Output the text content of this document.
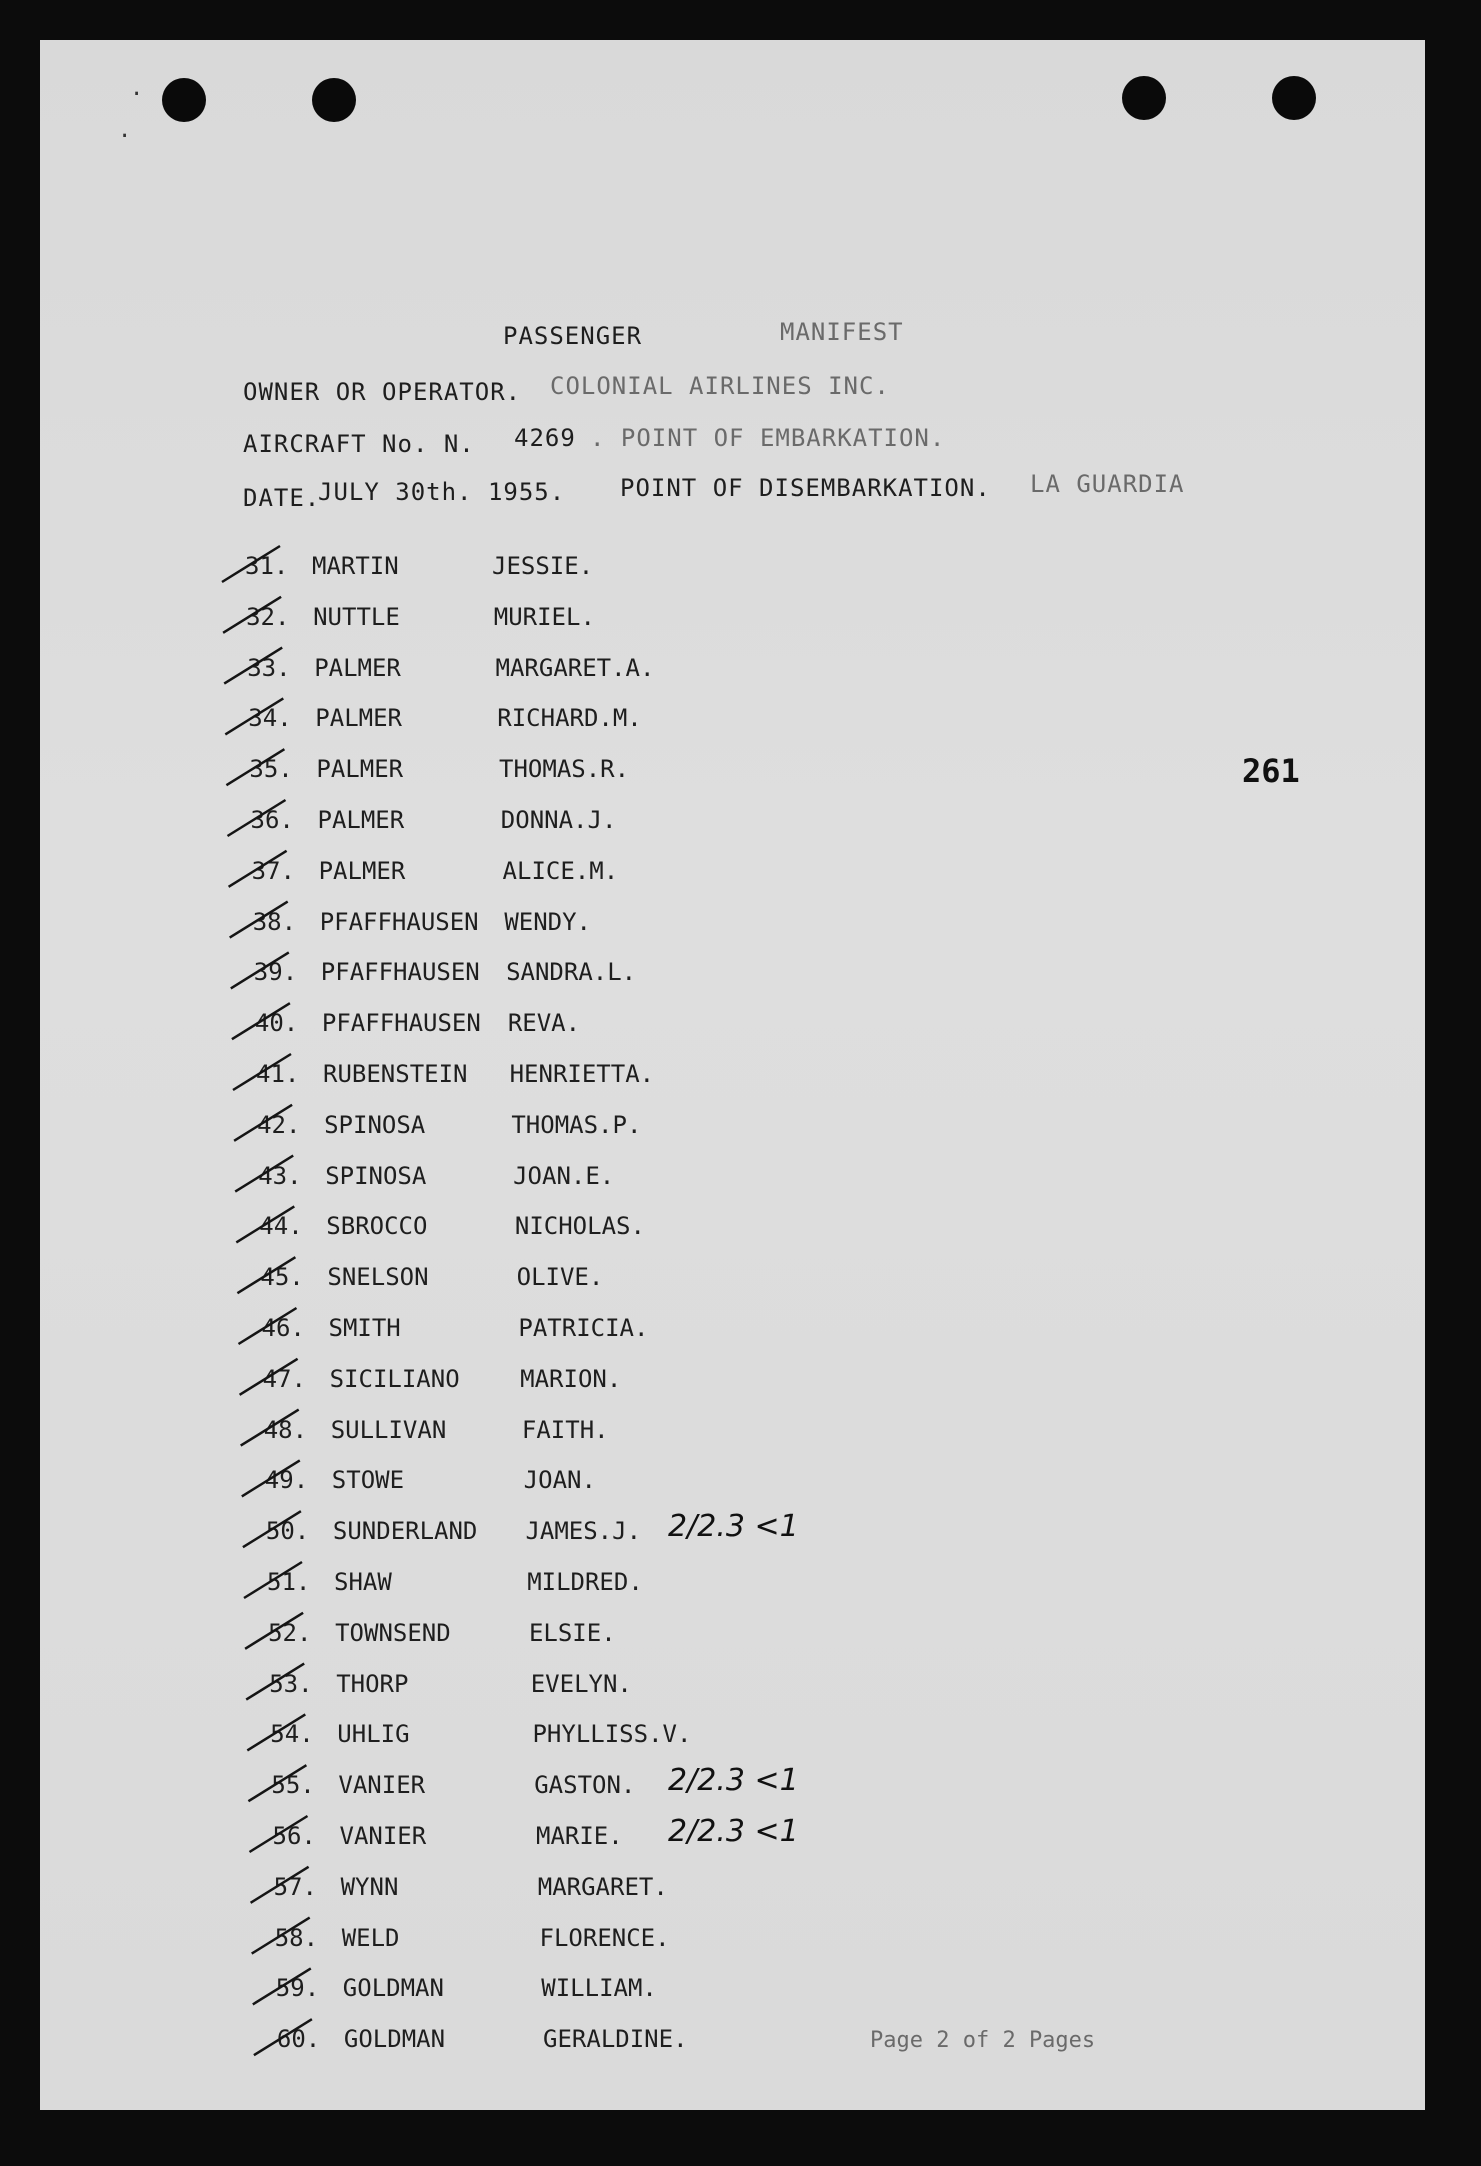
·
·
PASSENGER	MANIFEST
OWNER OR OPERATOR. COLONIAL AIRLINES INC.
AIRCRAFT No. N. 4269 . POINT OF EMBARKATION.
DATE.
JULY 30th. 1955. POINT OF DISEMBARKATION. LA GUARDIA
261
31. MARTIN	JESSIE.
32. NUTTLE	MURIEL.
33. PALMER	MARGARET.A.
34. PALMER	RICHARD.M.
35. PALMER	THOMAS.R.
36. PALMER	DONNA.J.
37. PALMER	ALICE.M.
38. PFAFFHAUSEN WENDY.
39. PFAFFHAUSEN SANDRA.L.
40. PFAFFHAUSEN REVA.
41. RUBENSTEIN HENRIETTA.
42. SPINOSA	THOMAS.P.
43. SPINOSA	JOAN.E.
44. SBROCCO	NICHOLAS.
45. SNELSON	OLIVE.
46. SMITH	PATRICIA.
47. SICILIANO	MARION.
48. SULLIVAN	FAITH.
49. STOWE	JOAN.
50. SUNDERLAND JAMES.J. 2/2.3 <1
51. SHAW	MILDRED.
52. TOWNSEND	ELSIE.
53. THORP	EVELYN.
54. UHLIG	PHYLLISS.V.
55. VANIER	GASTON. 2/2.3 <1
56. VANIER	MARIE. 2/2.3 <1
57. WYNN	MARGARET.
58. WELD	FLORENCE.
59. GOLDMAN	WILLIAM.
60. GOLDMAN	GERALDINE.	Page 2 of 2 Pages
